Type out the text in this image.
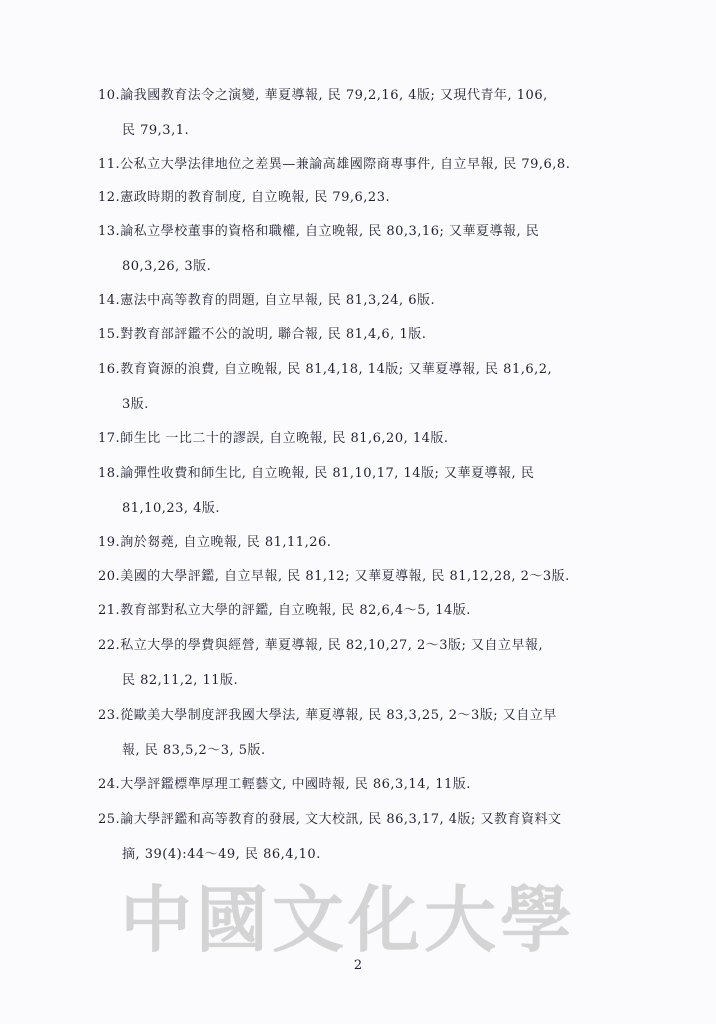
10.論我國教育法令之演變, 華夏導報, 民 79,2,16, 4版; 又現代青年, 106,
民 79,3,1.
11.公私立大學法律地位之差異—兼論高雄國際商專事件, 自立早報, 民 79,6,8.
12.憲政時期的教育制度, 自立晚報, 民 79,6,23.
13.論私立學校董事的資格和職權, 自立晚報, 民 80,3,16; 又華夏導報, 民
80,3,26, 3版.
14.憲法中高等教育的問題, 自立早報, 民 81,3,24, 6版.
15.對教育部評鑑不公的說明, 聯合報, 民 81,4,6, 1版.
16.教育資源的浪費, 自立晚報, 民 81,4,18, 14版; 又華夏導報, 民 81,6,2,
3版.
17.師生比 一比二十的謬誤, 自立晚報, 民 81,6,20, 14版.
18.論彈性收費和師生比, 自立晚報, 民 81,10,17, 14版; 又華夏導報, 民
81,10,23, 4版.
19.詢於芻蕘, 自立晚報, 民 81,11,26.
20.美國的大學評鑑, 自立早報, 民 81,12; 又華夏導報, 民 81,12,28, 2～3版.
21.教育部對私立大學的評鑑, 自立晚報, 民 82,6,4～5, 14版.
22.私立大學的學費與經營, 華夏導報, 民 82,10,27, 2～3版; 又自立早報,
民 82,11,2, 11版.
23.從歐美大學制度評我國大學法, 華夏導報, 民 83,3,25, 2～3版; 又自立早
報, 民 83,5,2～3, 5版.
24.大學評鑑標準厚理工輕藝文, 中國時報, 民 86,3,14, 11版.
25.論大學評鑑和高等教育的發展, 文大校訊, 民 86,3,17, 4版; 又教育資料文
摘, 39(4):44～49, 民 86,4,10.
中國文化大學
2
